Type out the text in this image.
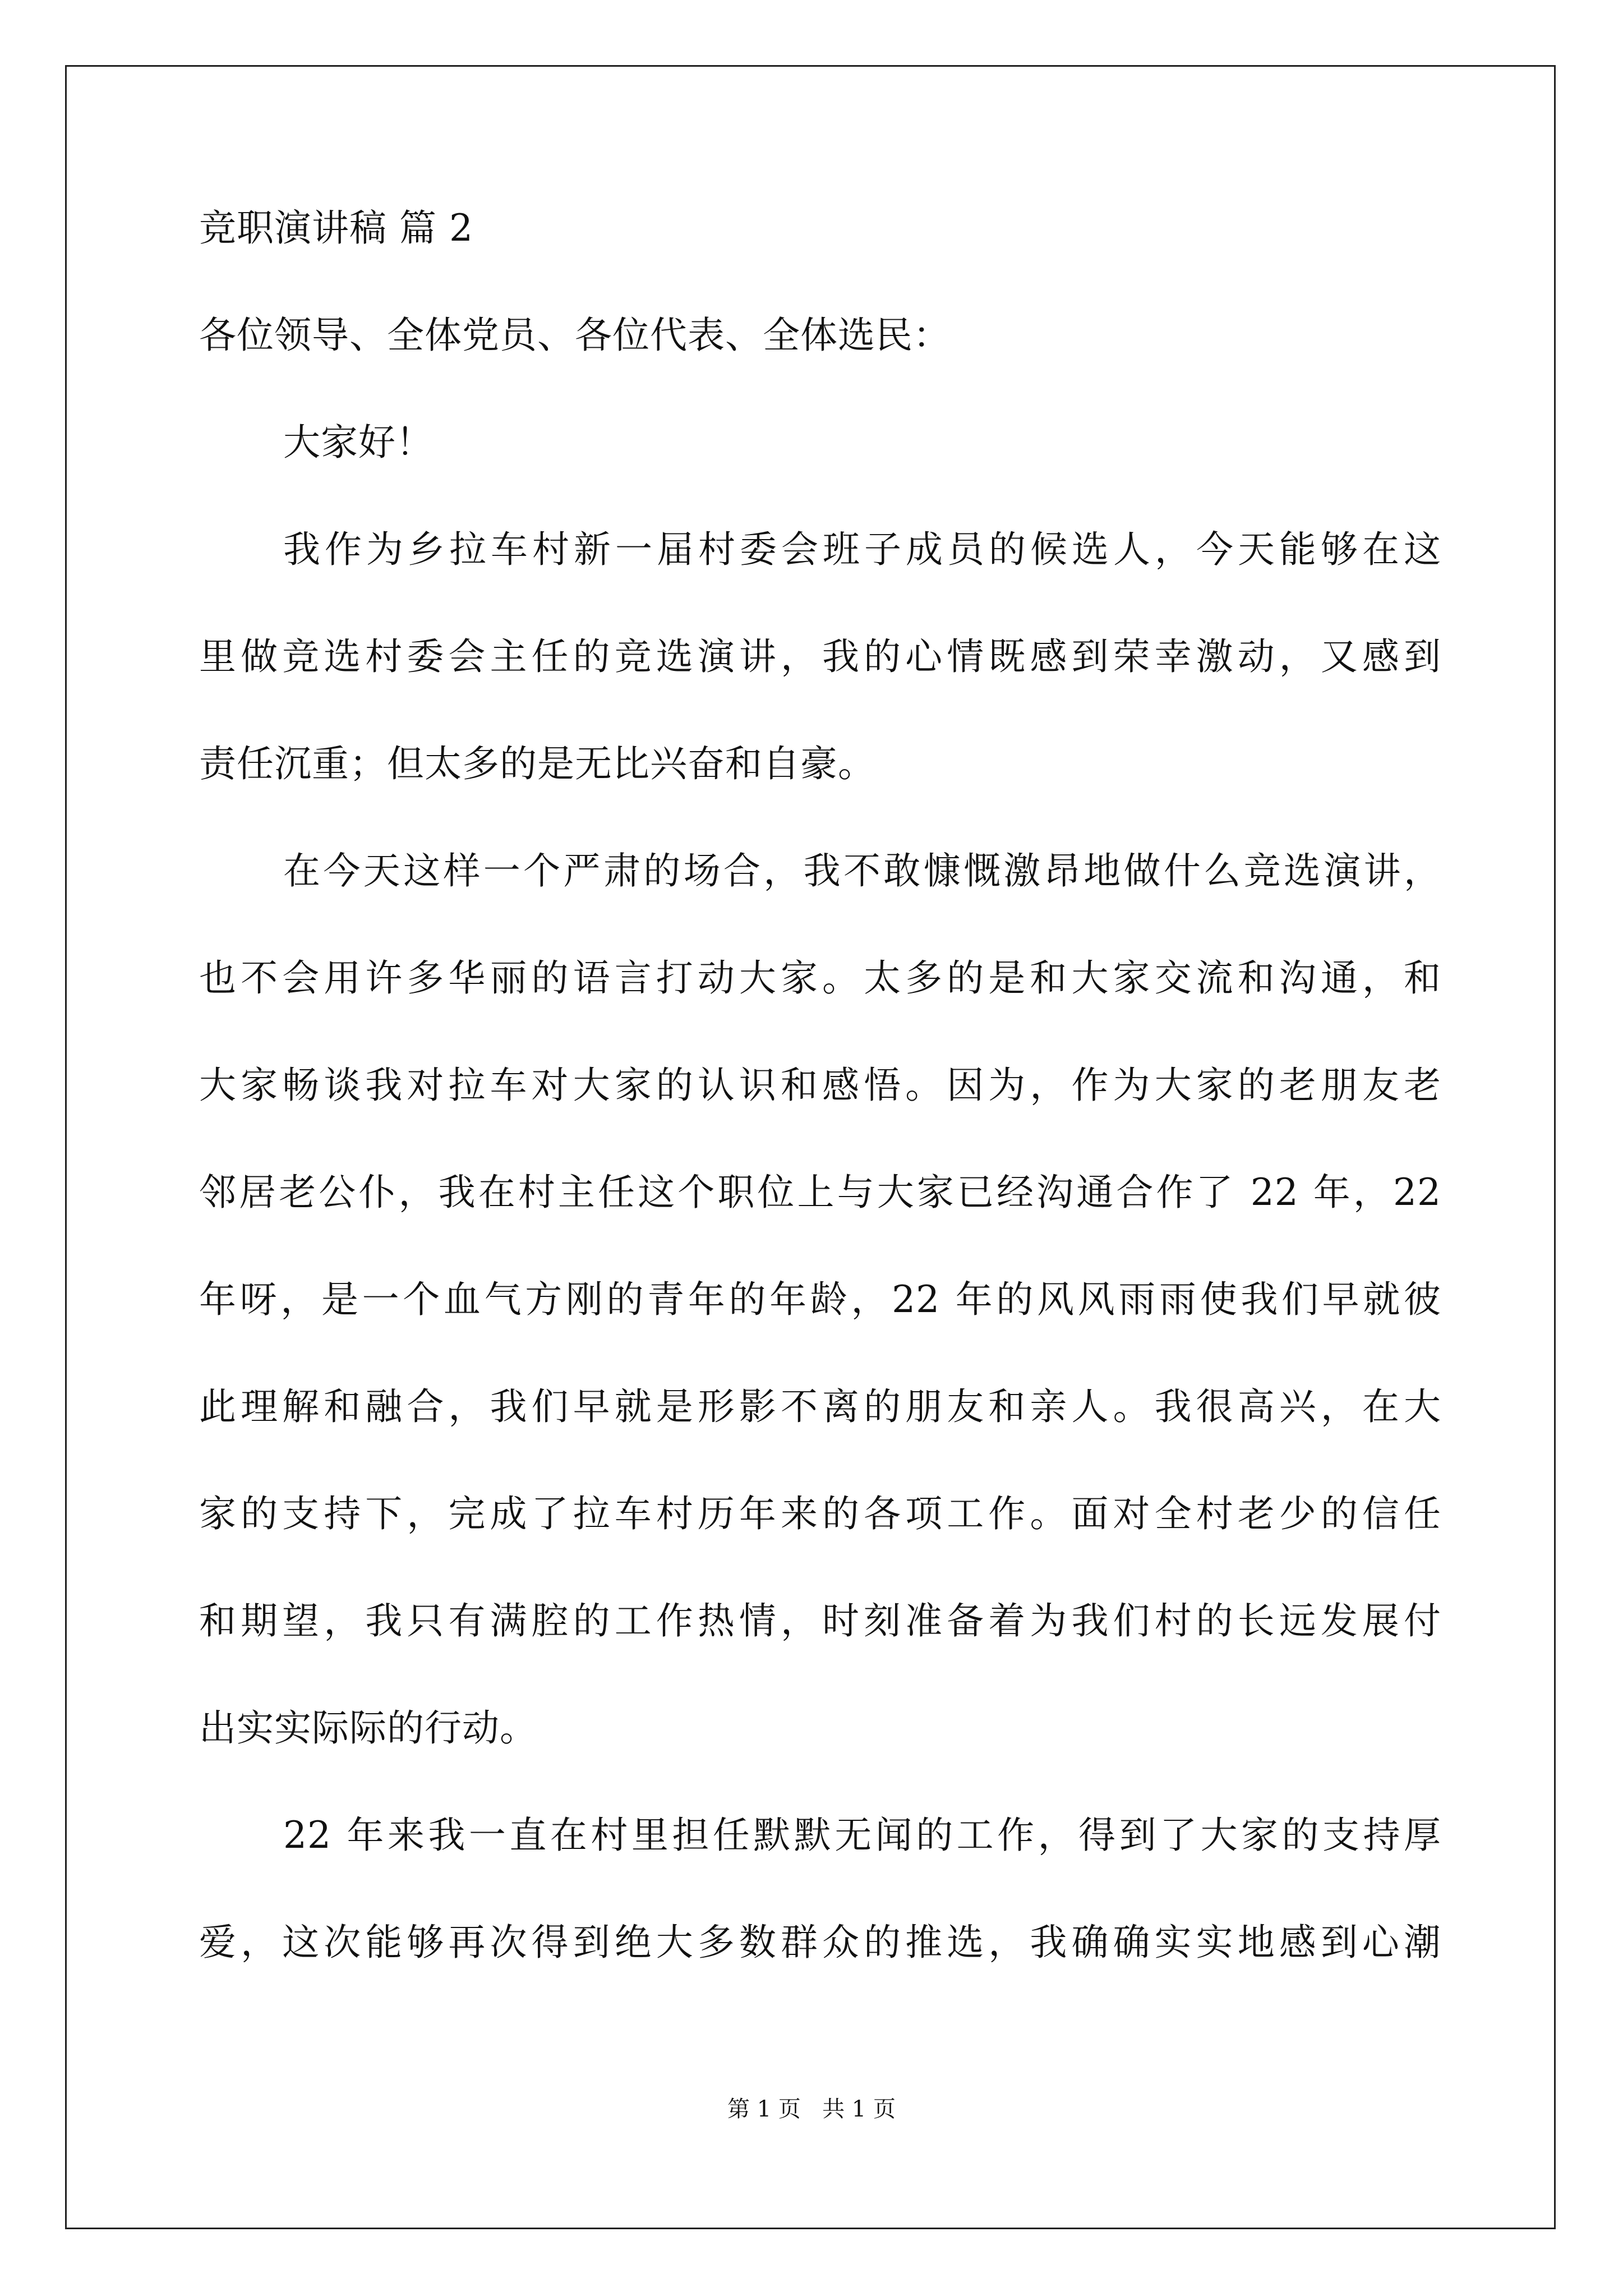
竞职演讲稿 篇 2
各位领导、全体党员、各位代表、全体选民：
大家好！
我作为乡拉车村新一届村委会班子成员的候选人，今天能够在这
里做竞选村委会主任的竞选演讲，我的心情既感到荣幸激动，又感到
责任沉重；但太多的是无比兴奋和自豪。
在今天这样一个严肃的场合，我不敢慷慨激昂地做什么竞选演讲，
也不会用许多华丽的语言打动大家。太多的是和大家交流和沟通，和
大家畅谈我对拉车对大家的认识和感悟。因为，作为大家的老朋友老
邻居老公仆，我在村主任这个职位上与大家已经沟通合作了 22 年，22
年呀，是一个血气方刚的青年的年龄，22 年的风风雨雨使我们早就彼
此理解和融合，我们早就是形影不离的朋友和亲人。我很高兴，在大
家的支持下，完成了拉车村历年来的各项工作。面对全村老少的信任
和期望，我只有满腔的工作热情，时刻准备着为我们村的长远发展付
出实实际际的行动。
22 年来我一直在村里担任默默无闻的工作，得到了大家的支持厚
爱，这次能够再次得到绝大多数群众的推选，我确确实实地感到心潮
第 1 页   共 1 页
